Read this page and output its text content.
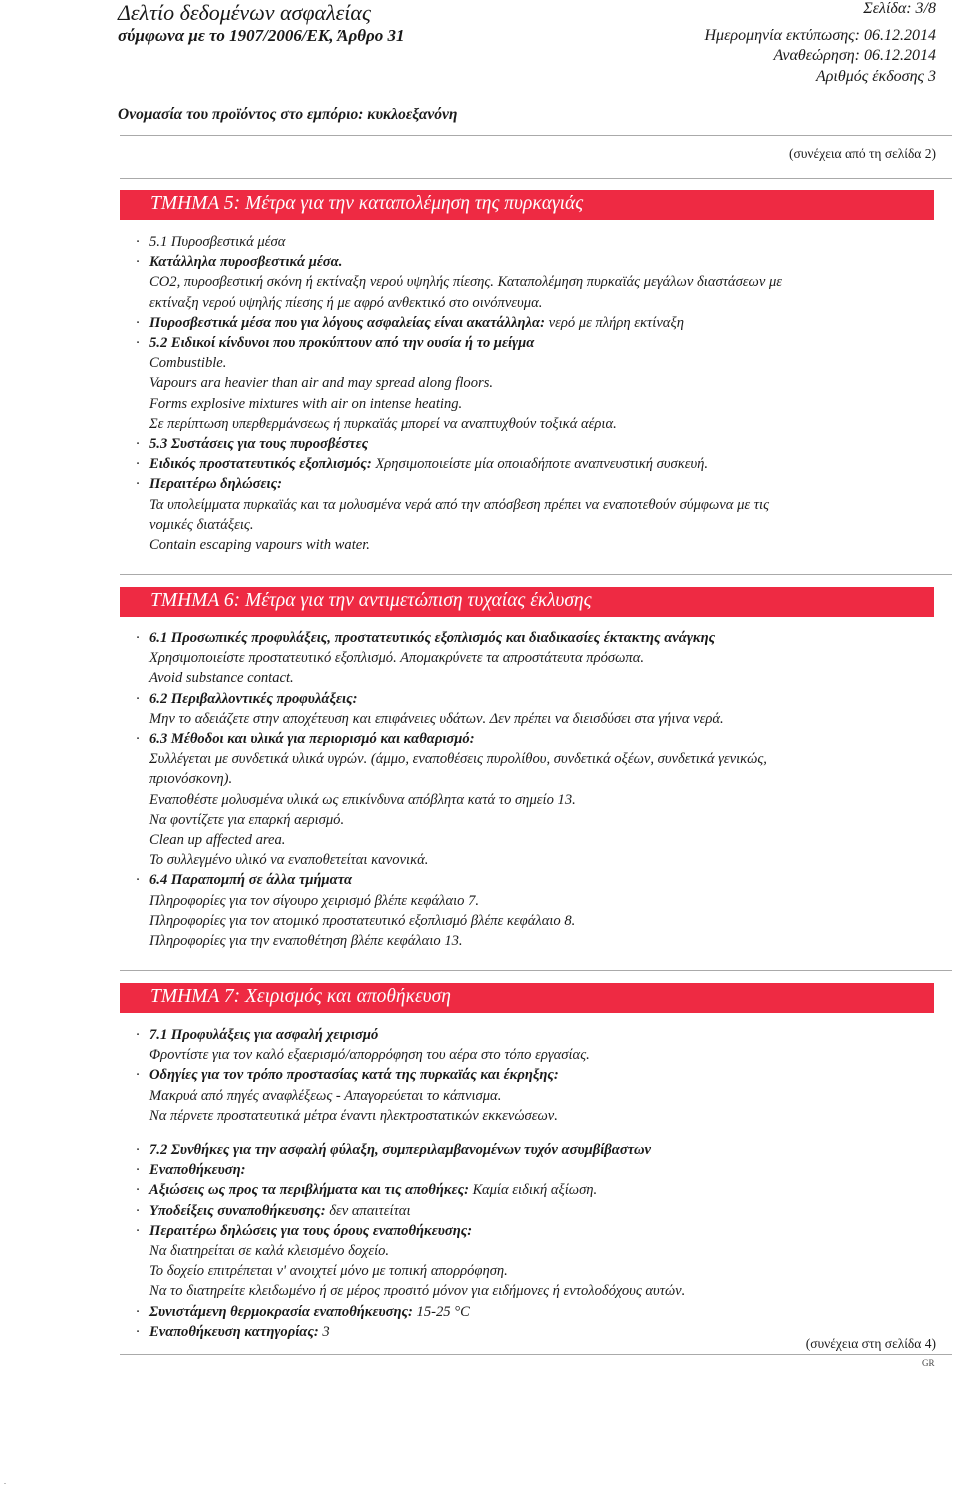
Δελτίο δεδομένων ασφαλείας
σύμφωνα με το 1907/2006/ΕΚ, Άρθρο 31
Σελίδα: 3/8
Ημερομηνία εκτύπωσης: 06.12.2014
Αναθεώρηση: 06.12.2014
Αριθμός έκδοσης 3
Ονομασία του προϊόντος στο εμπόριο: κυκλοεξανόνη
(συνέχεια από τη σελίδα 2)
ΤΜΗΜΑ 5: Μέτρα για την καταπολέμηση της πυρκαγιάς
· 5.1 Πυροσβεστικά μέσα
· Κατάλληλα πυροσβεστικά μέσα.
CO2, πυροσβεστική σκόνη ή εκτίναξη νερού υψηλής πίεσης. Καταπολέμηση πυρκαϊάς μεγάλων διαστάσεων με
εκτίναξη νερού υψηλής πίεσης ή με αφρό ανθεκτικό στο οινόπνευμα.
· Πυροσβεστικά μέσα που για λόγους ασφαλείας είναι ακατάλληλα: νερό με πλήρη εκτίναξη
· 5.2 Ειδικοί κίνδυνοι που προκύπτουν από την ουσία ή το μείγμα
Combustible.
Vapours ara heavier than air and may spread along floors.
Forms explosive mixtures with air on intense heating.
Σε περίπτωση υπερθερμάνσεως ή πυρκαϊάς μπορεί να αναπτυχθούν τοξικά αέρια.
· 5.3 Συστάσεις για τους πυροσβέστες
· Ειδικός προστατευτικός εξοπλισμός: Χρησιμοποιείστε μία οποιαδήποτε αναπνευστική συσκευή.
· Περαιτέρω δηλώσεις:
Τα υπολείμματα πυρκαϊάς και τα μολυσμένα νερά από την απόσβεση πρέπει να εναποτεθούν σύμφωνα με τις
νομικές διατάξεις.
Contain escaping vapours with water.
ΤΜΗΜΑ 6: Μέτρα για την αντιμετώπιση τυχαίας έκλυσης
· 6.1 Προσωπικές προφυλάξεις, προστατευτικός εξοπλισμός και διαδικασίες έκτακτης ανάγκης
Χρησιμοποιείστε προστατευτικό εξοπλισμό. Απομακρύνετε τα απροστάτευτα πρόσωπα.
Avoid substance contact.
· 6.2 Περιβαλλοντικές προφυλάξεις:
Μην το αδειάζετε στην αποχέτευση και επιφάνειες υδάτων. Δεν πρέπει να διεισδύσει στα γήινα νερά.
· 6.3 Μέθοδοι και υλικά για περιορισμό και καθαρισμό:
Συλλέγεται με συνδετικά υλικά υγρών. (άμμο, εναποθέσεις πυρολίθου, συνδετικά οξέων, συνδετικά γενικώς,
πριονόσκονη).
Εναποθέστε μολυσμένα υλικά ως επικίνδυνα απόβλητα κατά το σημείο 13.
Να φοντίζετε για επαρκή αερισμό.
Clean up affected area.
Το συλλεγμένο υλικό να εναποθετείται κανονικά.
· 6.4 Παραπομπή σε άλλα τμήματα
Πληροφορίες για τον σίγουρο χειρισμό βλέπε κεφάλαιο 7.
Πληροφορίες για τον ατομικό προστατευτικό εξοπλισμό βλέπε κεφάλαιο 8.
Πληροφορίες για την εναποθέτηση βλέπε κεφάλαιο 13.
ΤΜΗΜΑ 7: Χειρισμός και αποθήκευση
· 7.1 Προφυλάξεις για ασφαλή χειρισμό
Φροντίστε για τον καλό εξαερισμό/απορρόφηση του αέρα στο τόπο εργασίας.
· Οδηγίες για τον τρόπο προστασίας κατά της πυρκαϊάς και έκρηξης:
Μακρυά από πηγές αναφλέξεως - Απαγορεύεται το κάπνισμα.
Να πέρνετε προστατευτικά μέτρα έναντι ηλεκτροστατικών εκκενώσεων.
· 7.2 Συνθήκες για την ασφαλή φύλαξη, συμπεριλαμβανομένων τυχόν ασυμβίβαστων
· Εναποθήκευση:
· Αξιώσεις ως προς τα περιβλήματα και τις αποθήκες: Καμία ειδική αξίωση.
· Υποδείξεις συναποθήκευσης: δεν απαιτείται
· Περαιτέρω δηλώσεις για τους όρους εναποθήκευσης:
Να διατηρείται σε καλά κλεισμένο δοχείο.
Το δοχείο επιτρέπεται ν' ανοιχτεί μόνο με τοπική απορρόφηση.
Να το διατηρείτε κλειδωμένο ή σε μέρος προσιτό μόνον για ειδήμονες ή εντολοδόχους αυτών.
· Συνιστάμενη θερμοκρασία εναποθήκευσης: 15-25 °C
· Εναποθήκευση κατηγορίας: 3
(συνέχεια στη σελίδα 4)
GR
.
